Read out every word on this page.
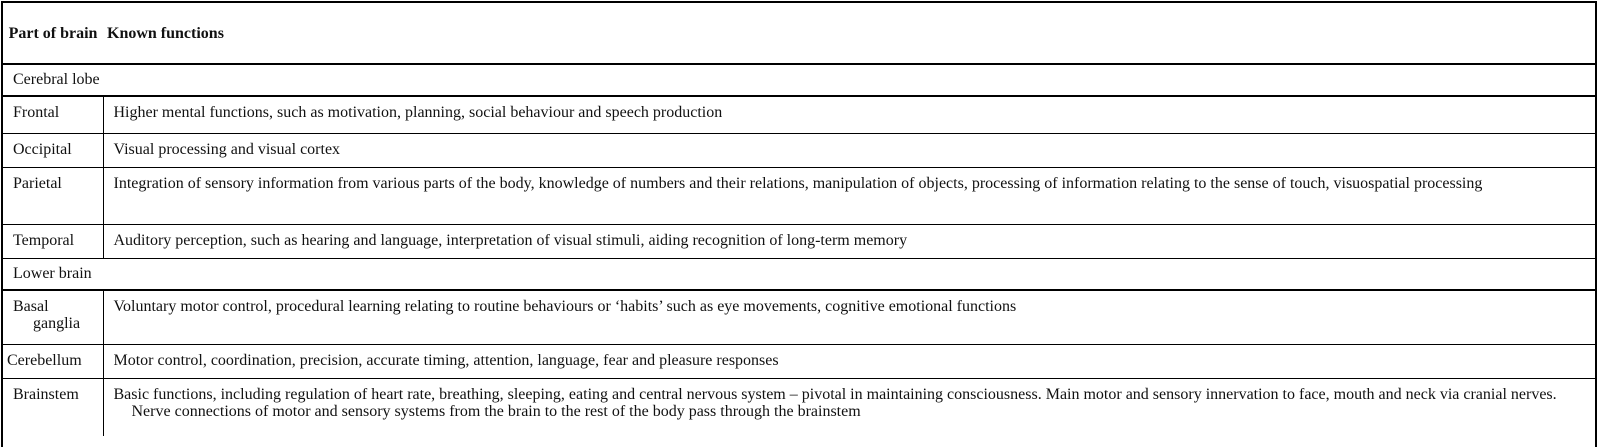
Part of brain	Known functions
Cerebral lobe	
Frontal	Higher mental functions, such as motivation, planning, social behaviour and speech production
Occipital	Visual processing and visual cortex
Parietal	Integration of sensory information from various parts of the body, knowledge of numbers and their relations, manipulation of objects, processing of information relating to the sense of touch, visuospatial processing
Temporal	Auditory perception, such as hearing and language, interpretation of visual stimuli, aiding recognition of long-term memory
Lower brain	

Basal ganglia	Voluntary motor control, procedural learning relating to routine behaviours or ‘habits’ such as eye movements, cognitive emotional functions
Cerebellum	Motor control, coordination, precision, accurate timing, attention, language, fear and pleasure responses
Brainstem	Basic functions, including regulation of heart rate, breathing, sleeping, eating and central nervous system – pivotal in maintaining consciousness. Main motor and sensory innervation to face, mouth and neck via cranial nerves. Nerve connections of motor and sensory systems from the brain to the rest of the body pass through the brainstem
